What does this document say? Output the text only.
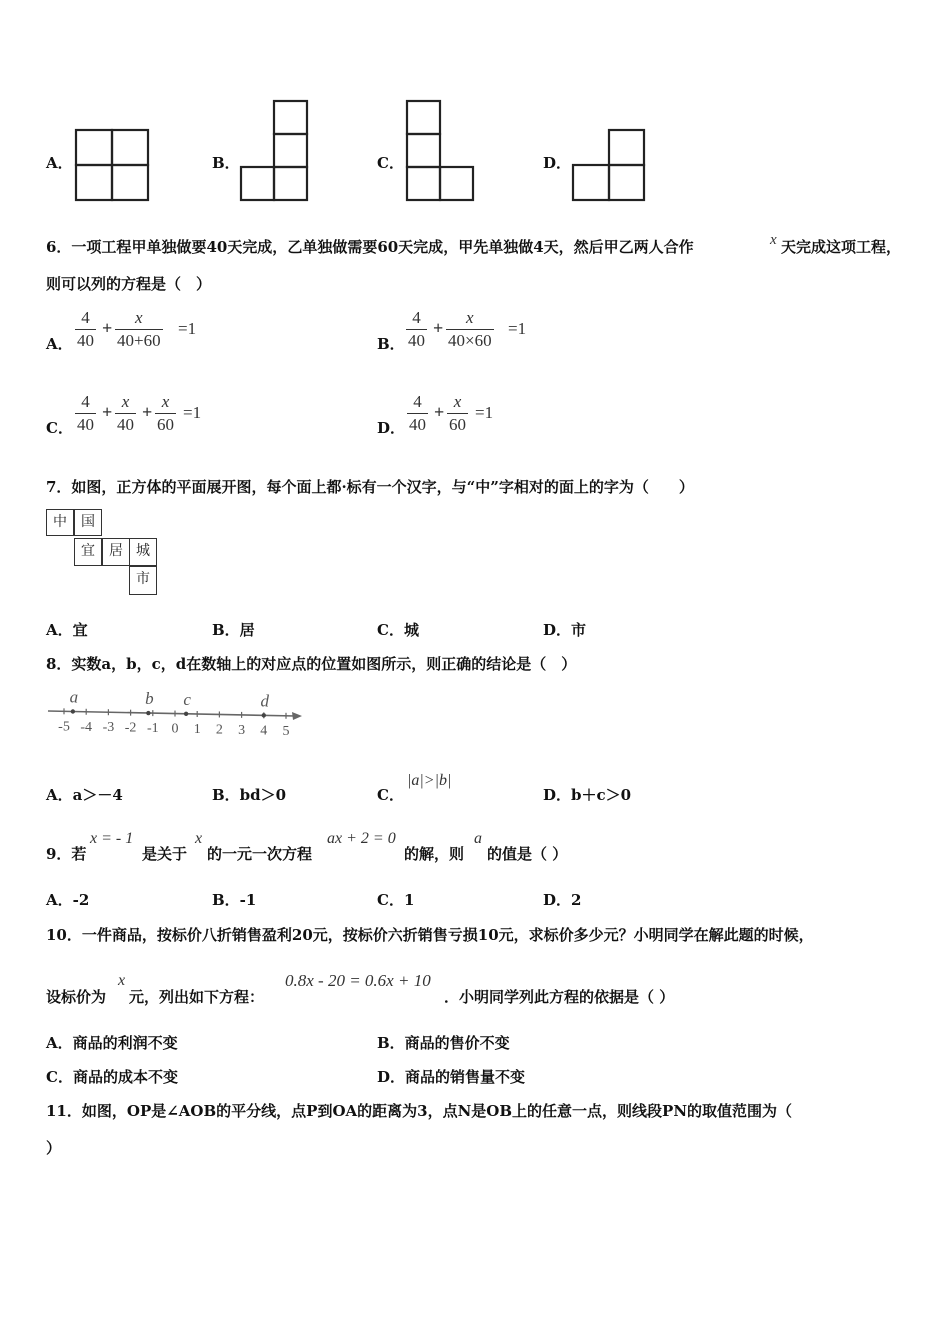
A．	B．	C．	D．
6．一项工程甲单独做要40天完成，乙单独做需要60天完成，甲先单独做4天，然后甲乙两人合作	x 天完成这项工程，
则可以列的方程是（　）
A．
4
40
+
x
40+60
=1
B．
4
40
+
x
40×60
=1
C．
4
40
+
x
40
+
x
60
=1
D．
4
40
+
x
60
=1
7．如图，正方体的平面展开图，每个面上都·标有一个汉字，与“中”字相对的面上的字为（　　）
中	国
宜	居 城
市
A．宜	B．居	C．城	D．市
8．实数a，b，c，d在数轴上的对应点的位置如图所示，则正确的结论是（　）
-5 -4 -3 -2 -1 0 1 2 3 4 5
a	b c	d
A．a＞－4	B．bd＞0	C．
|a|>|b|
D．b＋c＞0
9．若
x = - 1
是关于
x
的一元一次方程
ax + 2 = 0
的解，则
a
的值是（ ）
A．-2	B．-1	C．1	D．2
10．一件商品，按标价八折销售盈利20元，按标价六折销售亏损10元，求标价多少元？小明同学在解此题的时候，
设标价为
x
元，列出如下方程：
0.8x - 20 = 0.6x + 10
．小明同学列此方程的依据是（ ）
A．商品的利润不变	B．商品的售价不变
C．商品的成本不变	D．商品的销售量不变
11．如图，OP是∠AOB的平分线，点P到OA的距离为3，点N是OB上的任意一点，则线段PN的取值范围为（
）
